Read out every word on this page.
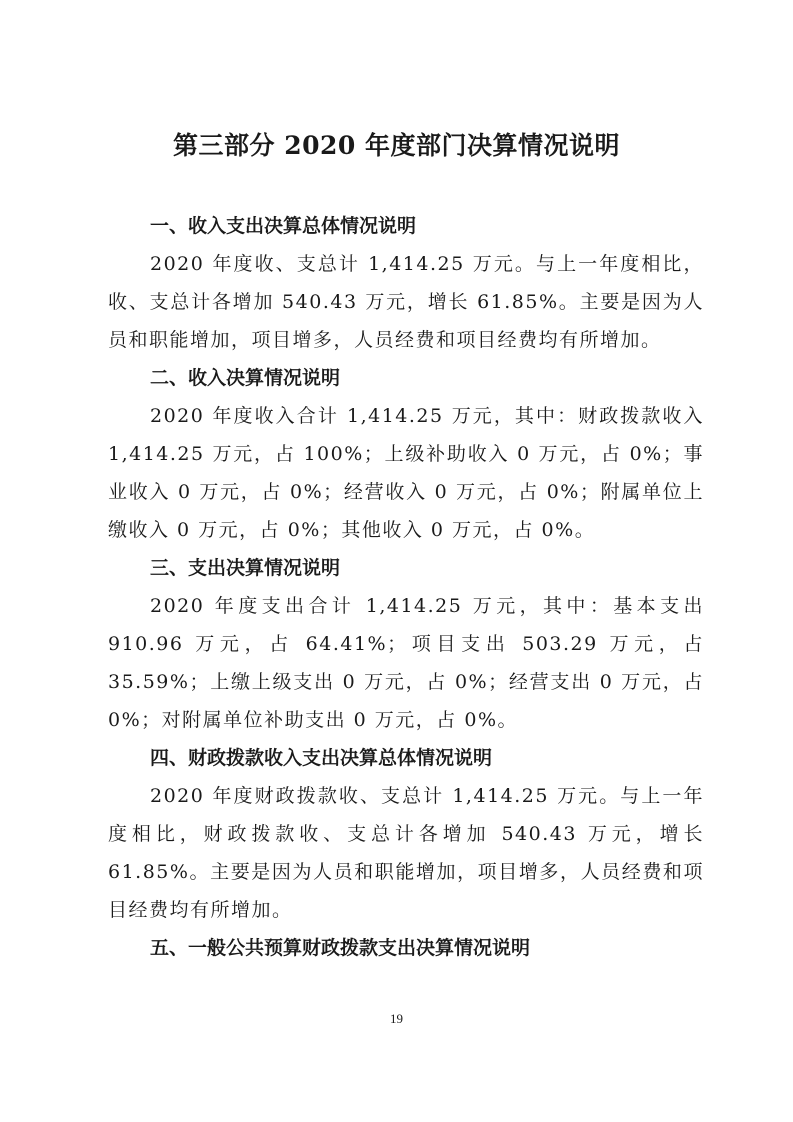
第三部分 2020 年度部门决算情况说明
一、收入支出决算总体情况说明

2020 年度收、支总计 1,414.25 万元。与上一年度相比，收、支总计各增加 540.43 万元，增长 61.85%。主要是因为人员和职能增加，项目增多，人员经费和项目经费均有所增加。

二、收入决算情况说明

2020 年度收入合计 1,414.25 万元，其中：财政拨款收入 1,414.25 万元，占 100%；上级补助收入 0 万元，占 0%；事业收入 0 万元，占 0%；经营收入 0 万元，占 0%；附属单位上缴收入 0 万元，占 0%；其他收入 0 万元，占 0%。

三、支出决算情况说明

2020 年度支出合计 1,414.25 万元，其中：基本支出 910.96 万元，占 64.41%；项目支出 503.29 万元，占 35.59%；上缴上级支出 0 万元，占 0%；经营支出 0 万元，占 0%；对附属单位补助支出 0 万元，占 0%。

四、财政拨款收入支出决算总体情况说明

2020 年度财政拨款收、支总计 1,414.25 万元。与上一年度相比，财政拨款收、支总计各增加 540.43 万元，增长 61.85%。主要是因为人员和职能增加，项目增多，人员经费和项目经费均有所增加。

五、一般公共预算财政拨款支出决算情况说明
19
